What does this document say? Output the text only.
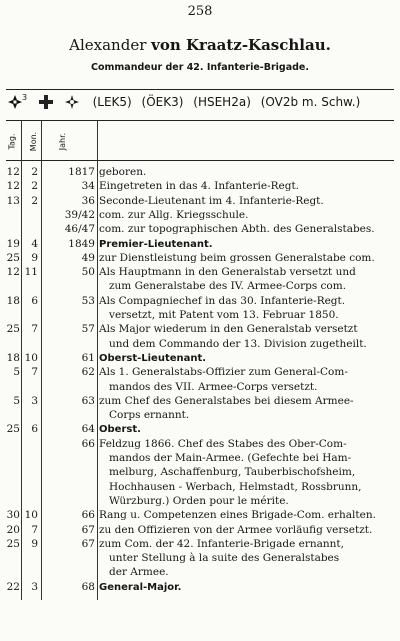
258
Alexander von Kraatz-Kaschlau.
Commandeur der 42. Infanterie-Brigade.
$^3$	(LEK5) (ÖEK3) (HSEH2a) (OV2b m. Schw.)
Tag. Mon.	Jahr.
12	2	1817 geboren.
12	2	34 Eingetreten in das 4. Infanterie-Regt.
13	2	36 Seconde-Lieutenant im 4. Infanterie-Regt.
39/42 com. zur Allg. Kriegsschule.
46/47 com. zur topographischen Abth. des Generalstabes.
19	4	1849 Premier-Lieutenant.
25	9	49 zur Dienstleistung beim grossen Generalstabe com.
12 11	50 Als Hauptmann in den Generalstab versetzt und
zum Generalstabe des IV. Armee-Corps com.
18	6	53 Als Compagniechef in das 30. Infanterie-Regt.
versetzt, mit Patent vom 13. Februar 1850.
25	7	57 Als Major wiederum in den Generalstab versetzt
und dem Commando der 13. Division zugetheilt.
18 10	61 Oberst-Lieutenant.
5	7	62 Als 1. Generalstabs-Offizier zum General-Com-
mandos des VII. Armee-Corps versetzt.
5	3	63 zum Chef des Generalstabes bei diesem Armee-
Corps ernannt.
25	6	64 Oberst.
66 Feldzug 1866. Chef des Stabes des Ober-Com-
mandos der Main-Armee. (Gefechte bei Ham-
melburg, Aschaffenburg, Tauberbischofsheim,
Hochhausen - Werbach, Helmstadt, Rossbrunn,
Würzburg.) Orden pour le mérite.
30 10	66 Rang u. Competenzen eines Brigade-Com. erhalten.
20	7	67 zu den Offizieren von der Armee vorläufig versetzt.
25	9	67 zum Com. der 42. Infanterie-Brigade ernannt,
unter Stellung à la suite des Generalstabes
der Armee.
22	3	68 General-Major.
